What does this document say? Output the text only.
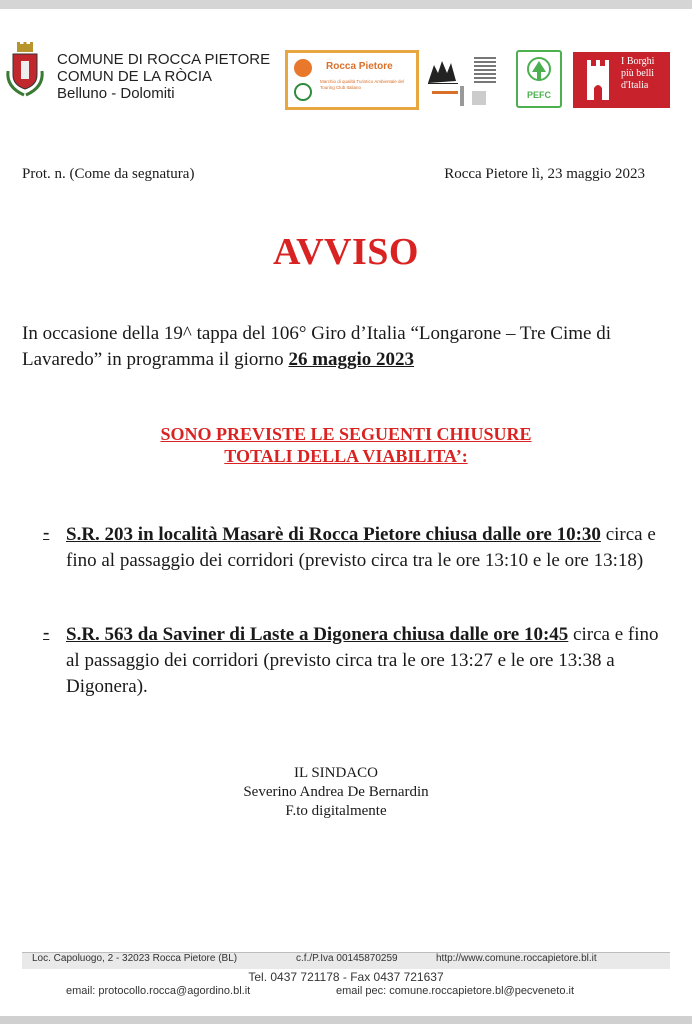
COMUNE DI ROCCA PIETORE
COMUN DE LA RÒCIA
Belluno - Dolomiti
Rocca Pietore
Marchio di qualità Turistico Ambientale del Touring Club Italiano
PEFC
I Borghi
più belli
d'Italia
Prot. n. (Come da segnatura)	Rocca Pietore lì, 23 maggio 2023
AVVISO
In occasione della 19^ tappa del 106° Giro d’Italia “Longarone – Tre Cime di Lavaredo” in programma il giorno 26 maggio 2023
SONO PREVISTE LE SEGUENTI CHIUSURE
TOTALI DELLA VIABILITA’:
- S.R. 203 in località Masarè di Rocca Pietore chiusa dalle ore 10:30 circa e fino al passaggio dei corridori (previsto circa tra le ore 13:10 e le ore 13:18)
- S.R. 563 da Saviner di Laste a Digonera chiusa dalle ore 10:45 circa e fino al passaggio dei corridori (previsto circa tra le ore 13:27 e le ore 13:38 a Digonera).
IL SINDACO
Severino Andrea De Bernardin
F.to digitalmente
Loc. Capoluogo, 2 - 32023 Rocca Pietore (BL)	c.f./P.Iva 00145870259	http://www.comune.roccapietore.bl.it
Tel. 0437 721178 - Fax 0437 721637
email: protocollo.rocca@agordino.bl.it	email pec: comune.roccapietore.bl@pecveneto.it
